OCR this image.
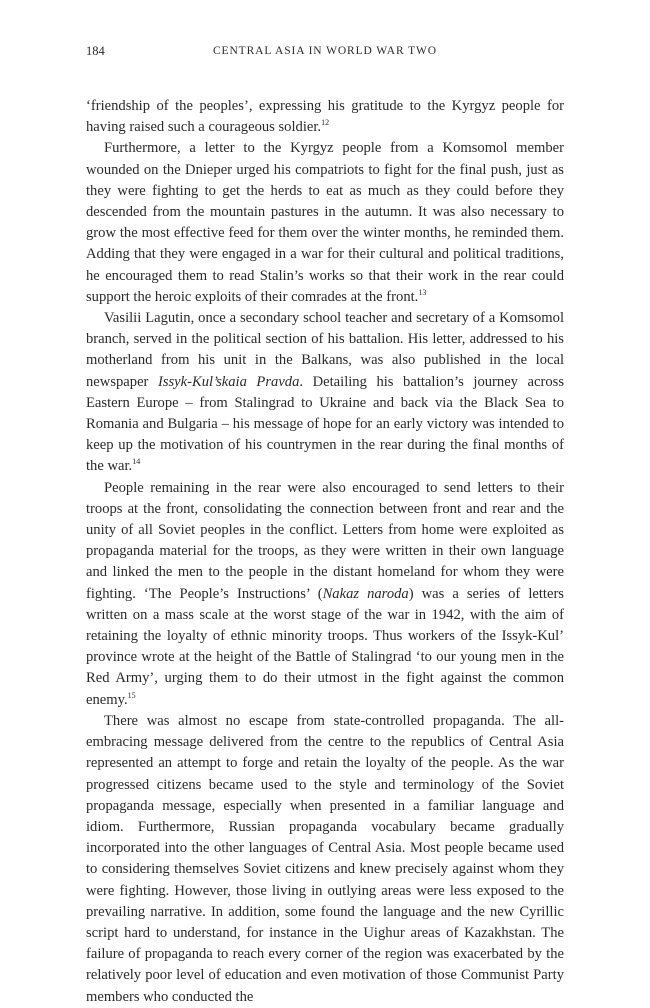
184	CENTRAL ASIA IN WORLD WAR TWO

‘friendship of the peoples’, expressing his gratitude to the Kyrgyz people for having raised such a courageous soldier.$^{12}$

Furthermore, a letter to the Kyrgyz people from a Komsomol member wounded on the Dnieper urged his compatriots to fight for the final push, just as they were fighting to get the herds to eat as much as they could before they descended from the mountain pastures in the autumn. It was also necessary to grow the most effective feed for them over the winter months, he reminded them. Adding that they were engaged in a war for their cultural and political traditions, he encouraged them to read Stalin’s works so that their work in the rear could support the heroic exploits of their comrades at the front.$^{13}$

Vasilii Lagutin, once a secondary school teacher and secretary of a Komsomol branch, served in the political section of his battalion. His letter, addressed to his motherland from his unit in the Balkans, was also published in the local newspaper Issyk-Kul’skaia Pravda. Detailing his battalion’s journey across Eastern Europe – from Stalingrad to Ukraine and back via the Black Sea to Romania and Bulgaria – his message of hope for an early victory was intended to keep up the motivation of his countrymen in the rear during the final months of the war.$^{14}$

People remaining in the rear were also encouraged to send letters to their troops at the front, consolidating the connection between front and rear and the unity of all Soviet peoples in the conflict. Letters from home were exploited as propaganda material for the troops, as they were written in their own language and linked the men to the people in the distant homeland for whom they were fighting. ‘The People’s Instructions’ (Nakaz naroda) was a series of letters written on a mass scale at the worst stage of the war in 1942, with the aim of retaining the loyalty of ethnic minority troops. Thus workers of the Issyk-Kul’ province wrote at the height of the Battle of Stalingrad ‘to our young men in the Red Army’, urging them to do their utmost in the fight against the common enemy.$^{15}$

There was almost no escape from state-controlled propaganda. The all-embracing message delivered from the centre to the republics of Central Asia represented an attempt to forge and retain the loyalty of the people. As the war progressed citizens became used to the style and terminology of the Soviet propaganda message, especially when presented in a familiar language and idiom. Furthermore, Russian propaganda vocabulary became gradually incorporated into the other languages of Central Asia. Most people became used to considering themselves Soviet citizens and knew precisely against whom they were fighting. However, those living in outlying areas were less exposed to the prevailing narrative. In addition, some found the language and the new Cyrillic script hard to understand, for instance in the Uighur areas of Kazakhstan. The failure of propaganda to reach every corner of the region was exacerbated by the relatively poor level of education and even motivation of those Communist Party members who conducted the
